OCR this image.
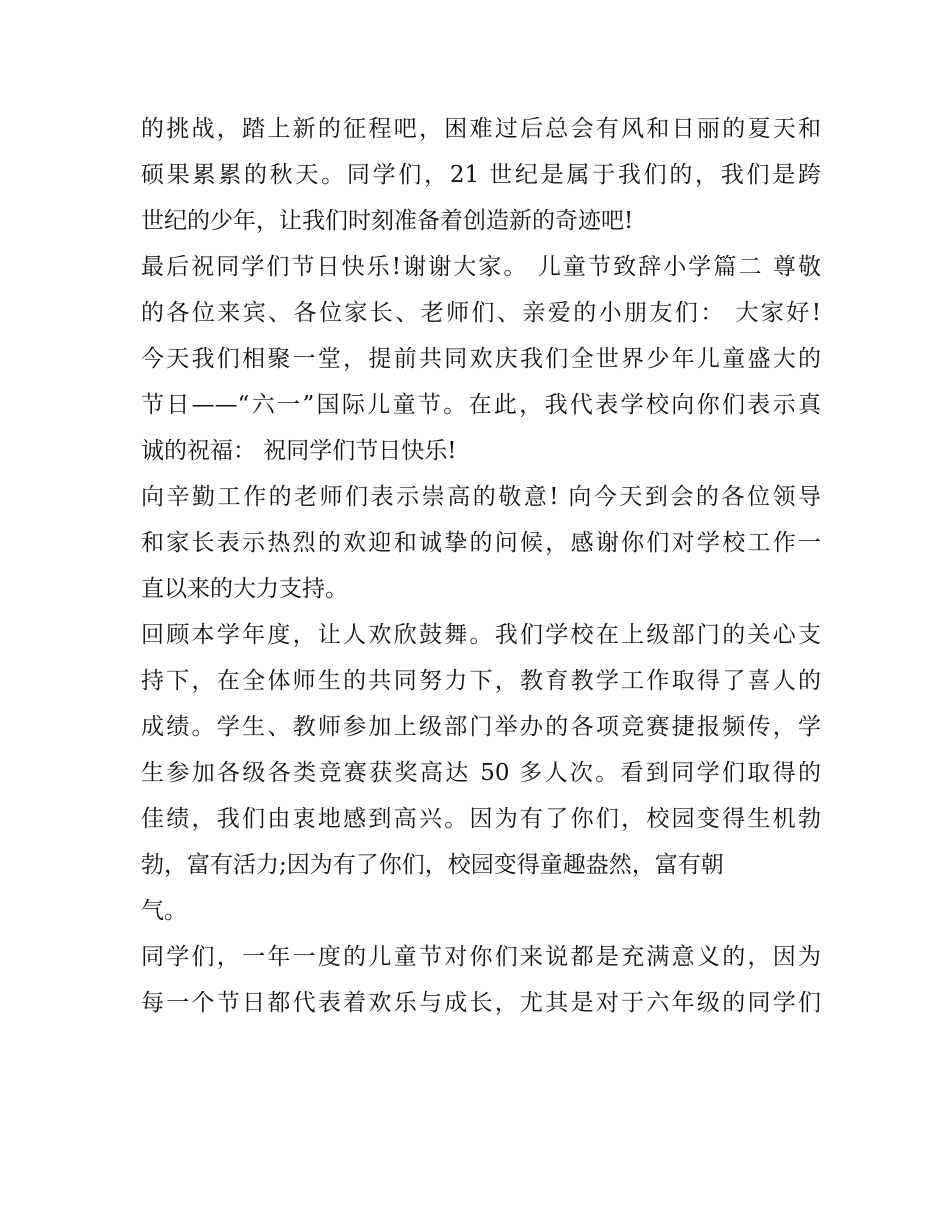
的挑战，踏上新的征程吧，困难过后总会有风和日丽的夏天和
硕果累累的秋天。同学们，21 世纪是属于我们的，我们是跨
世纪的少年，让我们时刻准备着创造新的奇迹吧!
最后祝同学们节日快乐!谢谢大家。 儿童节致辞小学篇二 尊敬
的各位来宾、各位家长、老师们、亲爱的小朋友们： 大家好!
今天我们相聚一堂，提前共同欢庆我们全世界少年儿童盛大的
节日——“六一”国际儿童节。在此，我代表学校向你们表示真
诚的祝福： 祝同学们节日快乐!
向辛勤工作的老师们表示崇高的敬意! 向今天到会的各位领导
和家长表示热烈的欢迎和诚挚的问候，感谢你们对学校工作一
直以来的大力支持。
回顾本学年度，让人欢欣鼓舞。我们学校在上级部门的关心支
持下，在全体师生的共同努力下，教育教学工作取得了喜人的
成绩。学生、教师参加上级部门举办的各项竞赛捷报频传，学
生参加各级各类竞赛获奖高达 50 多人次。看到同学们取得的
佳绩，我们由衷地感到高兴。因为有了你们，校园变得生机勃
勃，富有活力;因为有了你们，校园变得童趣盎然，富有朝
气。
同学们，一年一度的儿童节对你们来说都是充满意义的，因为
每一个节日都代表着欢乐与成长，尤其是对于六年级的同学们
